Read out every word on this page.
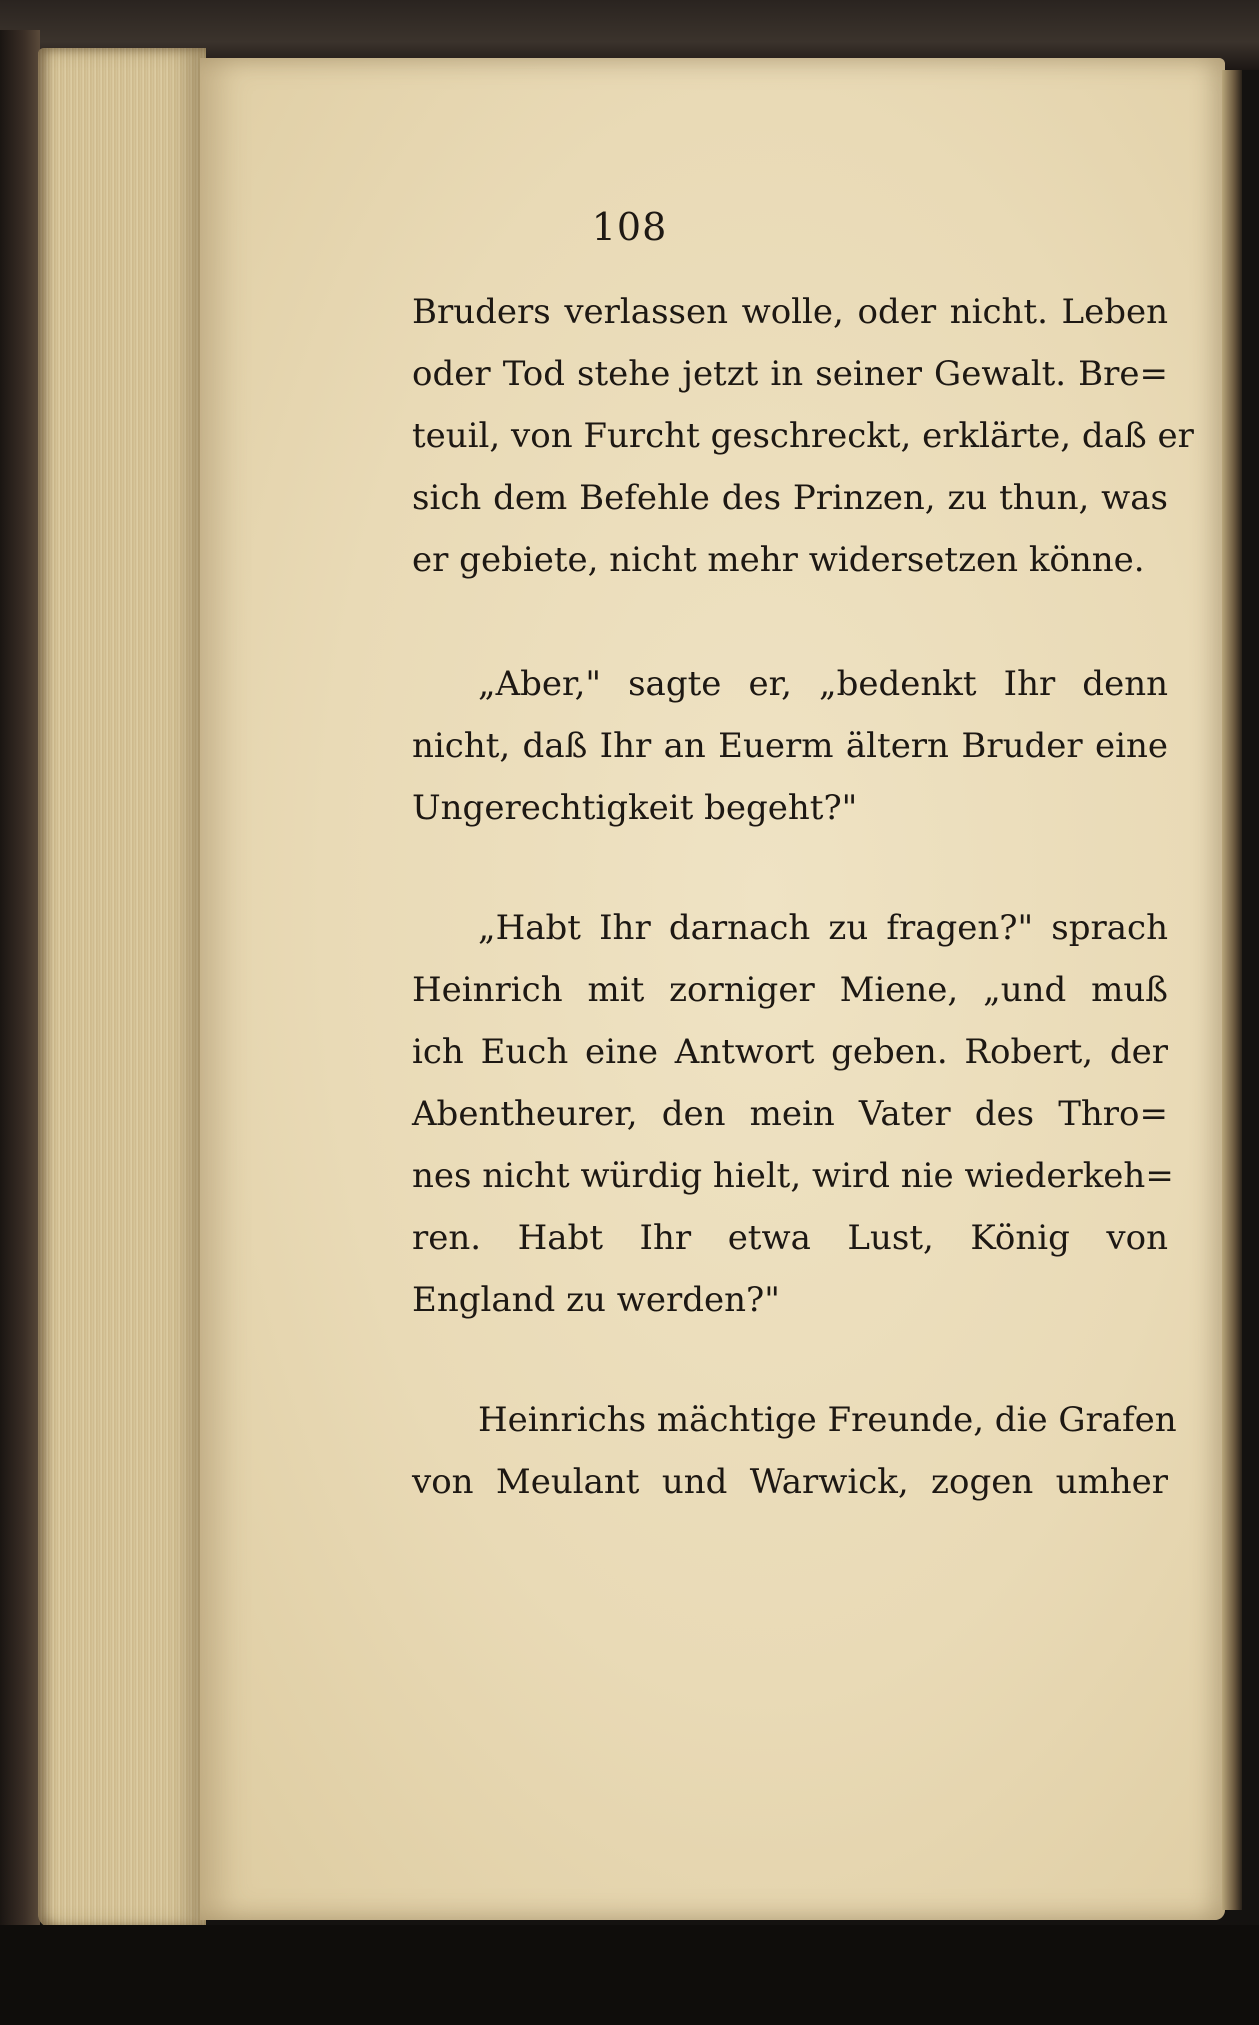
108
Bruders verlassen wolle, oder nicht. Leben
oder Tod stehe jetzt in seiner Gewalt. Bre=
teuil, von Furcht geschreckt, erklärte, daß er
sich dem Befehle des Prinzen, zu thun, was
er gebiete, nicht mehr widersetzen könne.
„Aber," sagte er, „bedenkt Ihr denn
nicht, daß Ihr an Euerm ältern Bruder eine
Ungerechtigkeit begeht?"
„Habt Ihr darnach zu fragen?" sprach
Heinrich mit zorniger Miene, „und muß
ich Euch eine Antwort geben. Robert, der
Abentheurer, den mein Vater des Thro=
nes nicht würdig hielt, wird nie wiederkeh=
ren. Habt Ihr etwa Lust, König von
England zu werden?"
Heinrichs mächtige Freunde, die Grafen
von Meulant und Warwick, zogen umher
